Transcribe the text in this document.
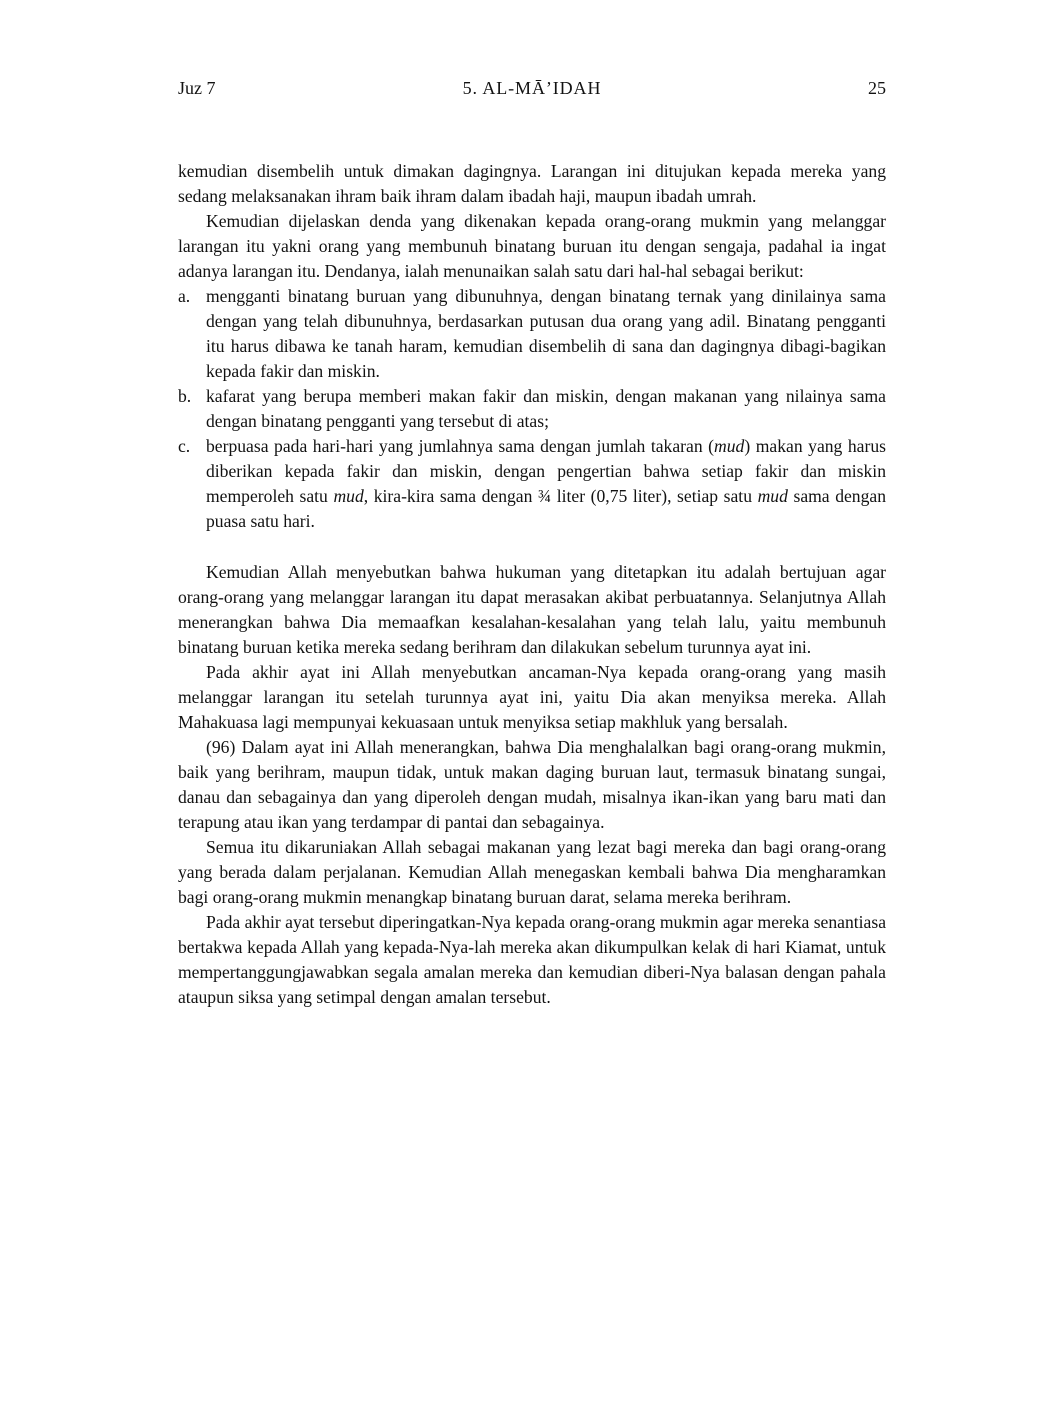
Juz 7	5. AL-MĀ’IDAH	25
kemudian disembelih untuk dimakan dagingnya. Larangan ini ditujukan kepada mereka yang sedang melaksanakan ihram baik ihram dalam ibadah haji, maupun ibadah umrah.
Kemudian dijelaskan denda yang dikenakan kepada orang-orang mukmin yang melanggar larangan itu yakni orang yang membunuh binatang buruan itu dengan sengaja, padahal ia ingat adanya larangan itu. Dendanya, ialah menunaikan salah satu dari hal-hal sebagai berikut:
a. mengganti binatang buruan yang dibunuhnya, dengan binatang ternak yang dinilainya sama dengan yang telah dibunuhnya, berdasarkan putusan dua orang yang adil. Binatang pengganti itu harus dibawa ke tanah haram, kemudian disembelih di sana dan dagingnya dibagi-bagikan kepada fakir dan miskin.
b. kafarat yang berupa memberi makan fakir dan miskin, dengan makanan yang nilainya sama dengan binatang pengganti yang tersebut di atas;
c. berpuasa pada hari-hari yang jumlahnya sama dengan jumlah takaran (mud) makan yang harus diberikan kepada fakir dan miskin, dengan pengertian bahwa setiap fakir dan miskin memperoleh satu mud, kira-kira sama dengan ¾ liter (0,75 liter), setiap satu mud sama dengan puasa satu hari.
Kemudian Allah menyebutkan bahwa hukuman yang ditetapkan itu adalah bertujuan agar orang-orang yang melanggar larangan itu dapat merasakan akibat perbuatannya. Selanjutnya Allah menerangkan bahwa Dia memaafkan kesalahan-kesalahan yang telah lalu, yaitu membunuh binatang buruan ketika mereka sedang berihram dan dilakukan sebelum turunnya ayat ini.
Pada akhir ayat ini Allah menyebutkan ancaman-Nya kepada orang-orang yang masih melanggar larangan itu setelah turunnya ayat ini, yaitu Dia akan menyiksa mereka. Allah Mahakuasa lagi mempunyai kekuasaan untuk menyiksa setiap makhluk yang bersalah.
(96) Dalam ayat ini Allah menerangkan, bahwa Dia menghalalkan bagi orang-orang mukmin, baik yang berihram, maupun tidak, untuk makan daging buruan laut, termasuk binatang sungai, danau dan sebagainya dan yang diperoleh dengan mudah, misalnya ikan-ikan yang baru mati dan terapung atau ikan yang terdampar di pantai dan sebagainya.
Semua itu dikaruniakan Allah sebagai makanan yang lezat bagi mereka dan bagi orang-orang yang berada dalam perjalanan. Kemudian Allah menegaskan kembali bahwa Dia mengharamkan bagi orang-orang mukmin menangkap binatang buruan darat, selama mereka berihram.
Pada akhir ayat tersebut diperingatkan-Nya kepada orang-orang mukmin agar mereka senantiasa bertakwa kepada Allah yang kepada-Nya-lah mereka akan dikumpulkan kelak di hari Kiamat, untuk mempertanggungjawabkan segala amalan mereka dan kemudian diberi-Nya balasan dengan pahala ataupun siksa yang setimpal dengan amalan tersebut.
